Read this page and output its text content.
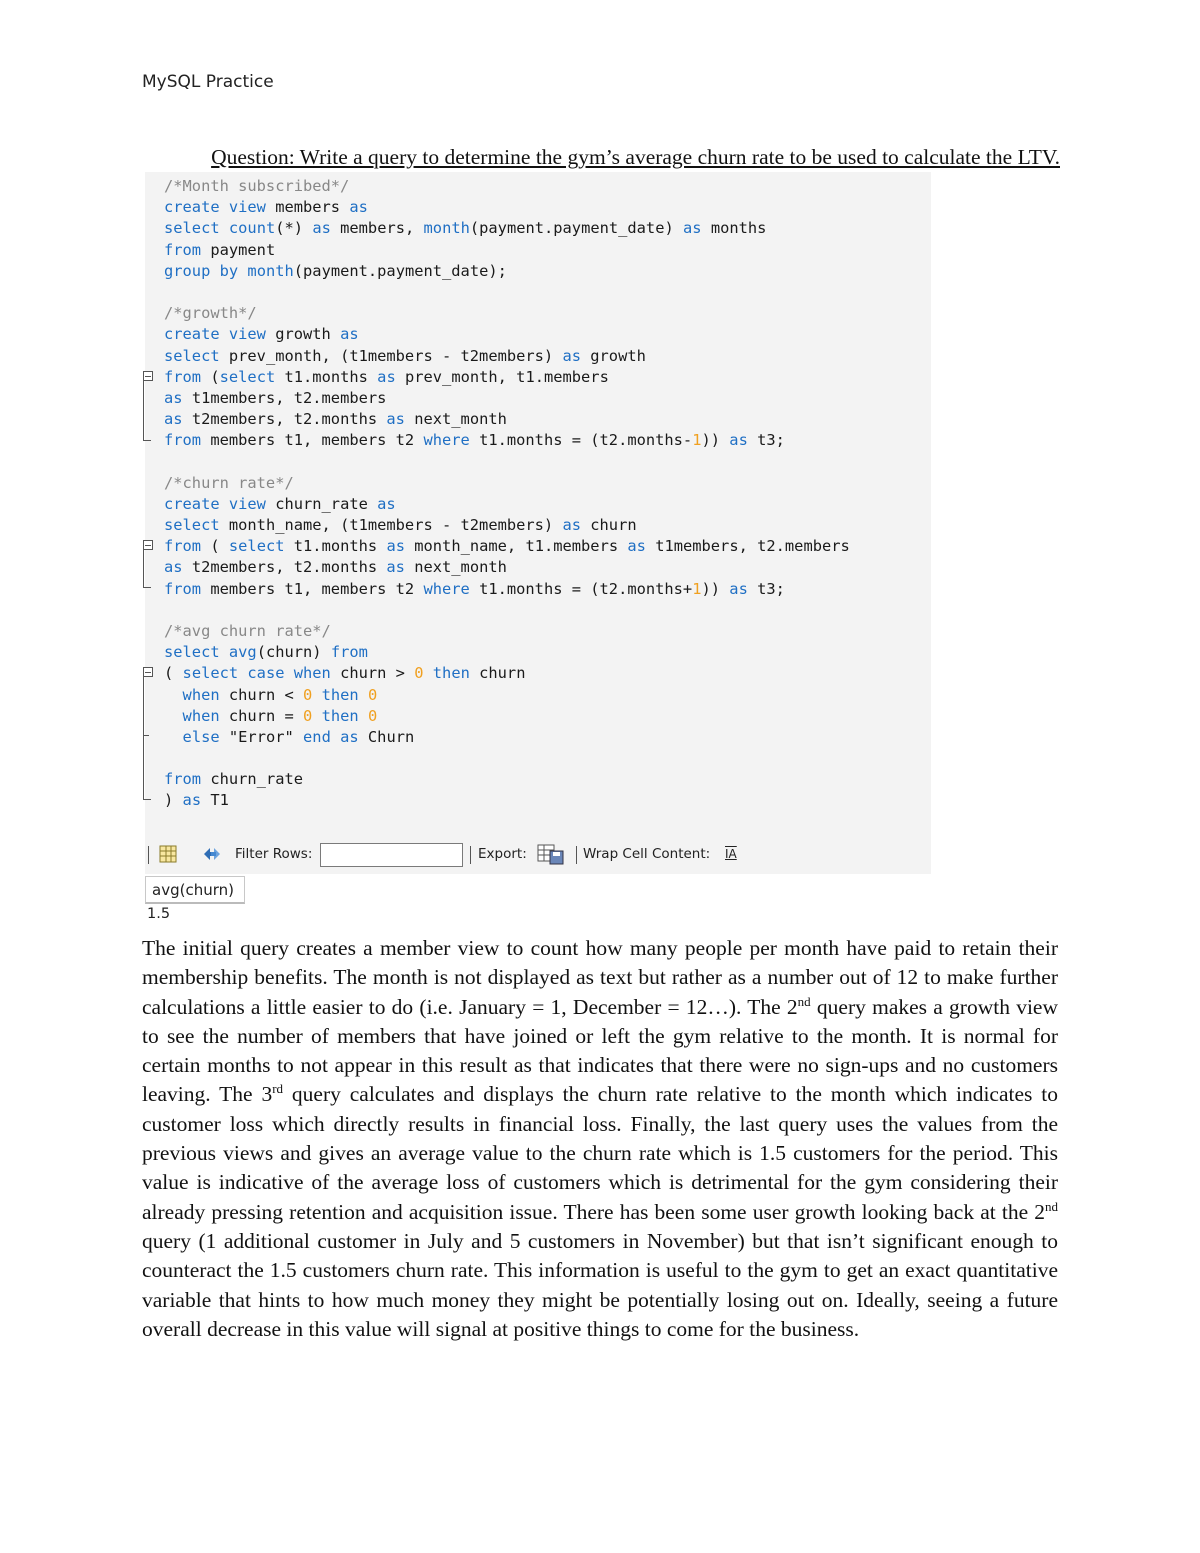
MySQL Practice
Question: Write a query to determine the gym’s average churn rate to be used to calculate the LTV.
/*Month subscribed*/
create view members as
select count(*) as members, month(payment.payment_date) as months
from payment
group by month(payment.payment_date);

/*growth*/
create view growth as
select prev_month, (t1members - t2members) as growth
from (select t1.months as prev_month, t1.members
as t1members, t2.members
as t2members, t2.months as next_month
from members t1, members t2 where t1.months = (t2.months-1)) as t3;

/*churn rate*/
create view churn_rate as
select month_name, (t1members - t2members) as churn
from ( select t1.months as month_name, t1.members as t1members, t2.members
as t2members, t2.months as next_month
from members t1, members t2 where t1.months = (t2.months+1)) as t3;

/*avg churn rate*/
select avg(churn) from
( select case when churn > 0 then churn
when churn < 0 then 0
when churn = 0 then 0
else "Error" end as Churn

from churn_rate
) as T1
Filter Rows:	Export:	Wrap Cell Content: IA
avg(churn)
1.5
The initial query creates a member view to count how many people per month have paid to retain their membership benefits. The month is not displayed as text but rather as a number out of 12 to make further calculations a little easier to do (i.e. January = 1, December = 12…). The 2nd query makes a growth view to see the number of members that have joined or left the gym relative to the month. It is normal for certain months to not appear in this result as that indicates that there were no sign-ups and no customers leaving. The 3rd query calculates and displays the churn rate relative to the month which indicates to customer loss which directly results in financial loss. Finally, the last query uses the values from the previous views and gives an average value to the churn rate which is 1.5 customers for the period. This value is indicative of the average loss of customers which is detrimental for the gym considering their already pressing retention and acquisition issue. There has been some user growth looking back at the 2nd query (1 additional customer in July and 5 customers in November) but that isn’t significant enough to counteract the 1.5 customers churn rate. This information is useful to the gym to get an exact quantitative variable that hints to how much money they might be potentially losing out on. Ideally, seeing a future overall decrease in this value will signal at positive things to come for the business.
